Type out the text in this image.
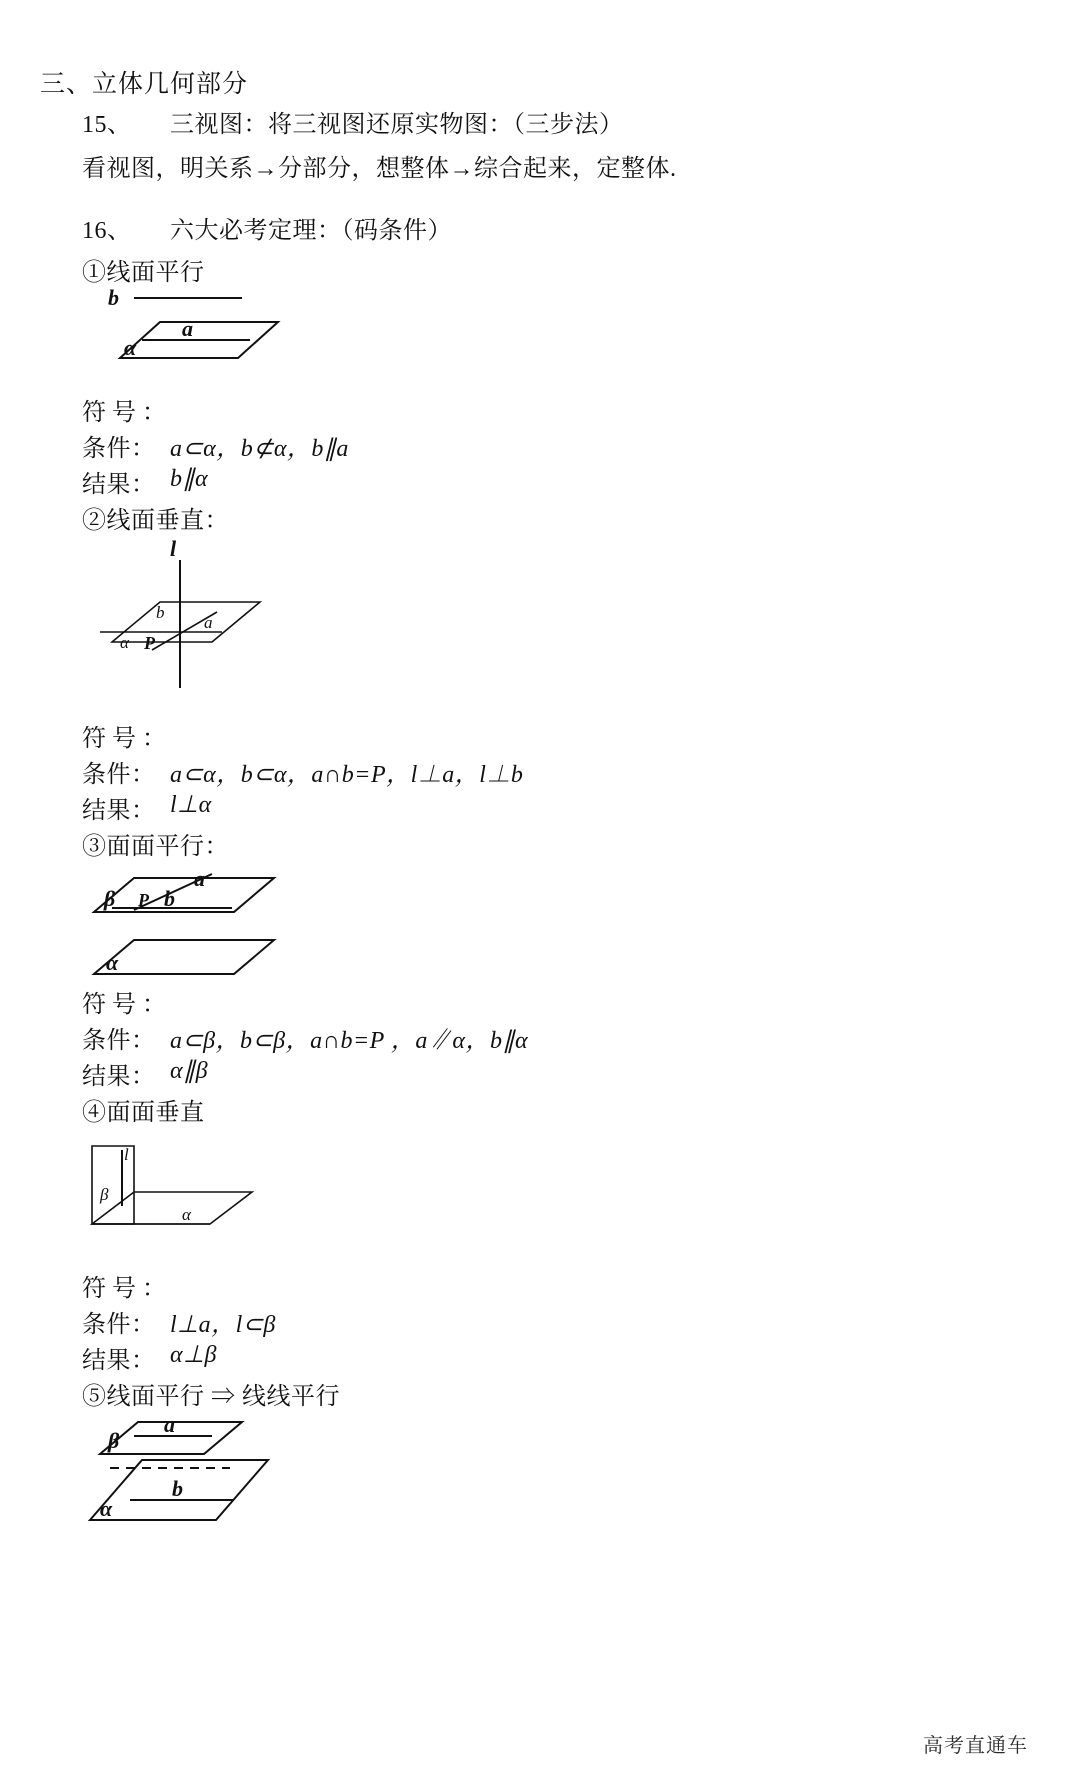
三、立体几何部分
15、 三视图：将三视图还原实物图：（三步法）
看视图，明关系→分部分，想整体→综合起来，定整体.
16、 六大必考定理：（码条件）
①线面平行
b
a
α
符号：
条件： a⊂α，b⊄α，b∥a
结果： b∥α
②线面垂直：
l
b
a
α P
符号：
条件： a⊂α，b⊂α，a∩b=P，l⊥a，l⊥b
结果： l⊥α
③面面平行：
β P b
a
α
符号：
条件： a⊂β，b⊂β，a∩b=P ，a∥α，b∥α
结果： α∥β
④面面垂直
l
β
α
符号：
条件： l⊥a，l⊂β
结果： α⊥β
⑤线面平行 ⇒ 线线平行
β
a
b
α
高考直通车
